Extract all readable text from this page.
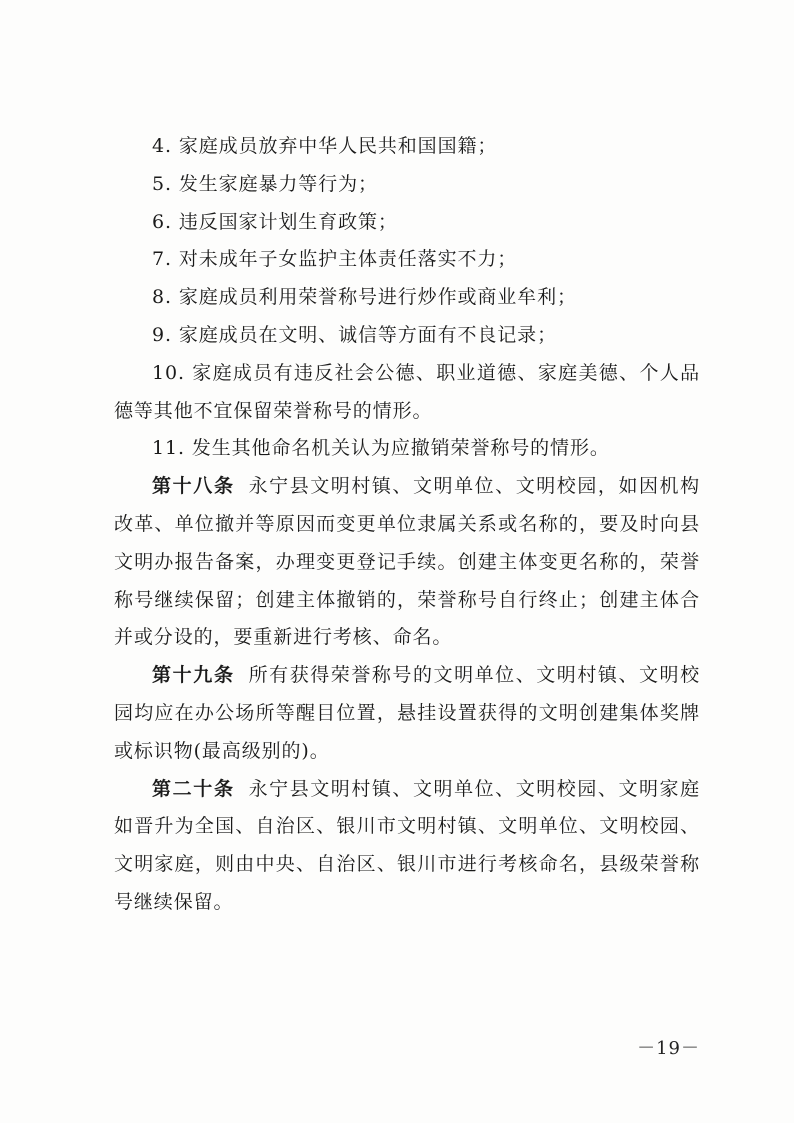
4. 家庭成员放弃中华人民共和国国籍；

5. 发生家庭暴力等行为；

6. 违反国家计划生育政策；

7. 对未成年子女监护主体责任落实不力；

8. 家庭成员利用荣誉称号进行炒作或商业牟利；

9. 家庭成员在文明、诚信等方面有不良记录；

10. 家庭成员有违反社会公德、职业道德、家庭美德、个人品德等其他不宜保留荣誉称号的情形。

11. 发生其他命名机关认为应撤销荣誉称号的情形。

第十八条 永宁县文明村镇、文明单位、文明校园，如因机构改革、单位撤并等原因而变更单位隶属关系或名称的，要及时向县文明办报告备案，办理变更登记手续。创建主体变更名称的，荣誉称号继续保留；创建主体撤销的，荣誉称号自行终止；创建主体合并或分设的，要重新进行考核、命名。

第十九条 所有获得荣誉称号的文明单位、文明村镇、文明校园均应在办公场所等醒目位置，悬挂设置获得的文明创建集体奖牌或标识物(最高级别的)。

第二十条 永宁县文明村镇、文明单位、文明校园、文明家庭如晋升为全国、自治区、银川市文明村镇、文明单位、文明校园、文明家庭，则由中央、自治区、银川市进行考核命名，县级荣誉称号继续保留。

－19－
